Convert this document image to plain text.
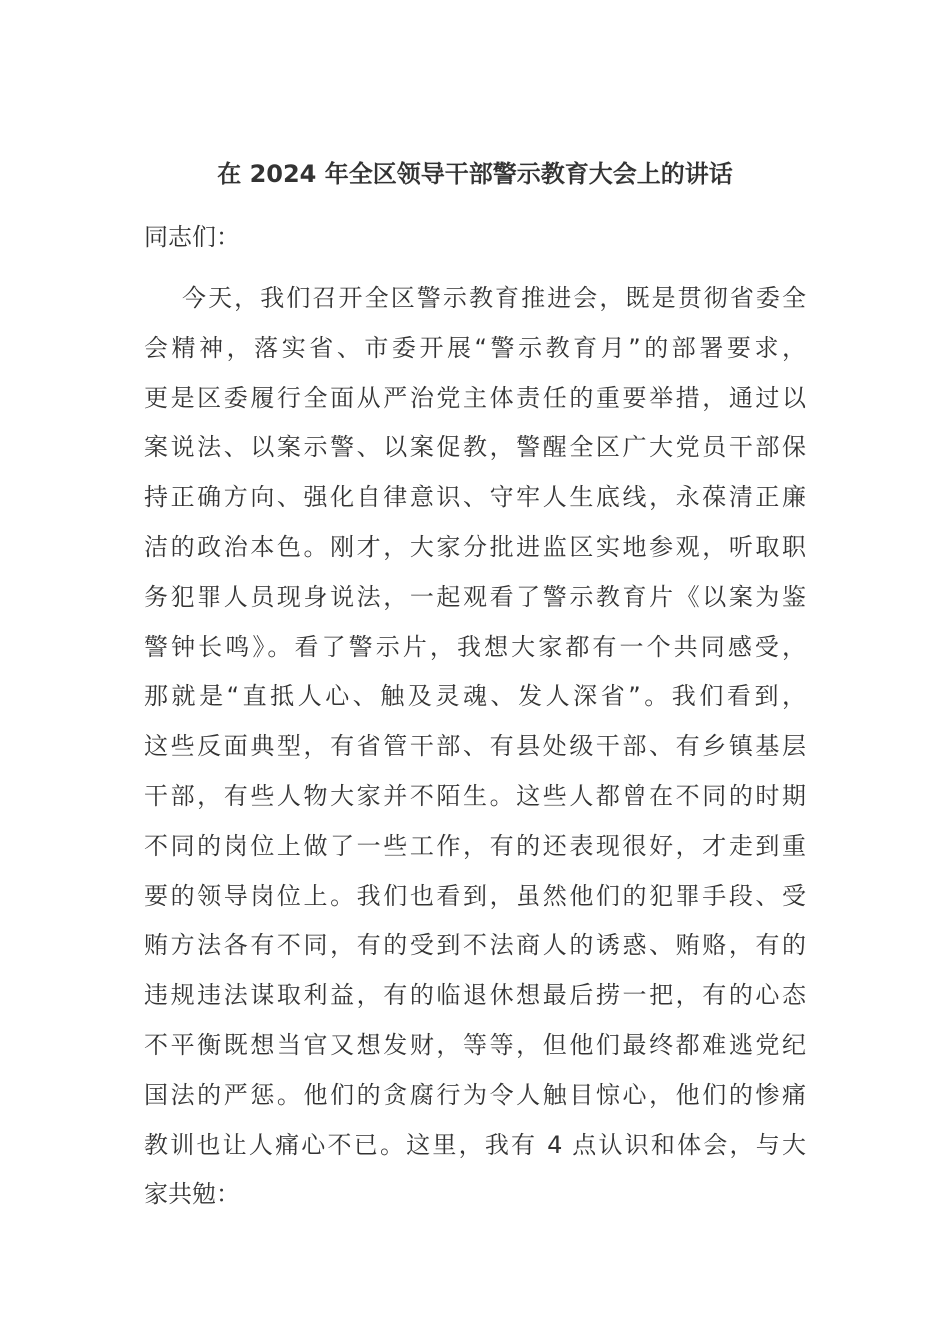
在 2024 年全区领导干部警示教育大会上的讲话

同志们：

今天，我们召开全区警示教育推进会，既是贯彻省委全
会精神，落实省、市委开展“警示教育月”的部署要求，
更是区委履行全面从严治党主体责任的重要举措，通过以
案说法、以案示警、以案促教，警醒全区广大党员干部保
持正确方向、强化自律意识、守牢人生底线，永葆清正廉
洁的政治本色。刚才，大家分批进监区实地参观，听取职
务犯罪人员现身说法，一起观看了警示教育片《以案为鉴
警钟长鸣》。看了警示片，我想大家都有一个共同感受，
那就是“直抵人心、触及灵魂、发人深省”。我们看到，
这些反面典型，有省管干部、有县处级干部、有乡镇基层
干部，有些人物大家并不陌生。这些人都曾在不同的时期
不同的岗位上做了一些工作，有的还表现很好，才走到重
要的领导岗位上。我们也看到，虽然他们的犯罪手段、受
贿方法各有不同，有的受到不法商人的诱惑、贿赂，有的
违规违法谋取利益，有的临退休想最后捞一把，有的心态
不平衡既想当官又想发财，等等，但他们最终都难逃党纪
国法的严惩。他们的贪腐行为令人触目惊心，他们的惨痛
教训也让人痛心不已。这里，我有 4 点认识和体会，与大
家共勉：
